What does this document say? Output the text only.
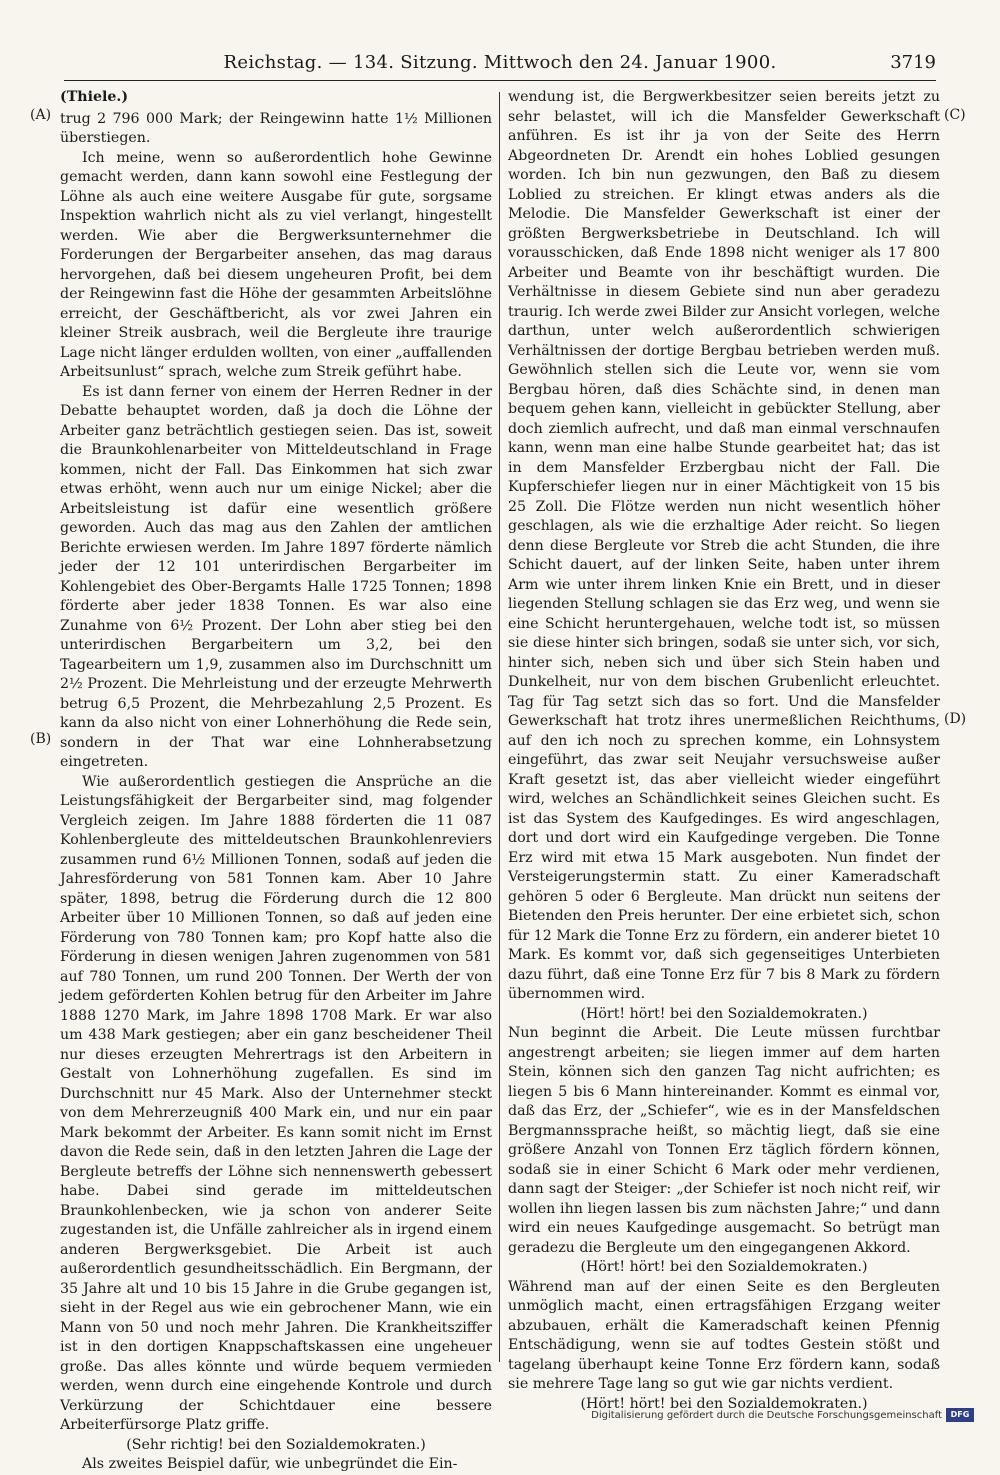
Reichstag. — 134. Sitzung. Mittwoch den 24. Januar 1900.	3719
(A)
(B)
(C)
(D)
(Thiele.)

trug 2 796 000 Mark; der Reingewinn hatte 1½ Millionen überstiegen.

Ich meine, wenn so außerordentlich hohe Gewinne gemacht werden, dann kann sowohl eine Festlegung der Löhne als auch eine weitere Ausgabe für gute, sorgsame Inspektion wahrlich nicht als zu viel verlangt, hingestellt werden. Wie aber die Bergwerksunternehmer die Forderungen der Bergarbeiter ansehen, das mag daraus hervorgehen, daß bei diesem ungeheuren Profit, bei dem der Reingewinn fast die Höhe der gesammten Arbeitslöhne erreicht, der Geschäftbericht, als vor zwei Jahren ein kleiner Streik ausbrach, weil die Bergleute ihre traurige Lage nicht länger erdulden wollten, von einer „auffallenden Arbeitsunlust“ sprach, welche zum Streik geführt habe.

Es ist dann ferner von einem der Herren Redner in der Debatte behauptet worden, daß ja doch die Löhne der Arbeiter ganz beträchtlich gestiegen seien. Das ist, soweit die Braunkohlenarbeiter von Mitteldeutschland in Frage kommen, nicht der Fall. Das Einkommen hat sich zwar etwas erhöht, wenn auch nur um einige Nickel; aber die Arbeitsleistung ist dafür eine wesentlich größere geworden. Auch das mag aus den Zahlen der amtlichen Berichte erwiesen werden. Im Jahre 1897 förderte nämlich jeder der 12 101 unterirdischen Bergarbeiter im Kohlengebiet des Ober-Bergamts Halle 1725 Tonnen; 1898 förderte aber jeder 1838 Tonnen. Es war also eine Zunahme von 6½ Prozent. Der Lohn aber stieg bei den unterirdischen Bergarbeitern um 3,2, bei den Tagearbeitern um 1,9, zusammen also im Durchschnitt um 2½ Prozent. Die Mehrleistung und der erzeugte Mehrwerth betrug 6,5 Prozent, die Mehrbezahlung 2,5 Prozent. Es kann da also nicht von einer Lohnerhöhung die Rede sein, sondern in der That war eine Lohnherabsetzung eingetreten.

Wie außerordentlich gestiegen die Ansprüche an die Leistungsfähigkeit der Bergarbeiter sind, mag folgender Vergleich zeigen. Im Jahre 1888 förderten die 11 087 Kohlenbergleute des mitteldeutschen Braunkohlenreviers zusammen rund 6½ Millionen Tonnen, sodaß auf jeden die Jahresförderung von 581 Tonnen kam. Aber 10 Jahre später, 1898, betrug die Förderung durch die 12 800 Arbeiter über 10 Millionen Tonnen, so daß auf jeden eine Förderung von 780 Tonnen kam; pro Kopf hatte also die Förderung in diesen wenigen Jahren zugenommen von 581 auf 780 Tonnen, um rund 200 Tonnen. Der Werth der von jedem geförderten Kohlen betrug für den Arbeiter im Jahre 1888 1270 Mark, im Jahre 1898 1708 Mark. Er war also um 438 Mark gestiegen; aber ein ganz bescheidener Theil nur dieses erzeugten Mehrertrags ist den Arbeitern in Gestalt von Lohnerhöhung zugefallen. Es sind im Durchschnitt nur 45 Mark. Also der Unternehmer steckt von dem Mehrerzeugniß 400 Mark ein, und nur ein paar Mark bekommt der Arbeiter. Es kann somit nicht im Ernst davon die Rede sein, daß in den letzten Jahren die Lage der Bergleute betreffs der Löhne sich nennenswerth gebessert habe. Dabei sind gerade im mitteldeutschen Braunkohlenbecken, wie ja schon von anderer Seite zugestanden ist, die Unfälle zahlreicher als in irgend einem anderen Bergwerksgebiet. Die Arbeit ist auch außerordentlich gesundheitsschädlich. Ein Bergmann, der 35 Jahre alt und 10 bis 15 Jahre in die Grube gegangen ist, sieht in der Regel aus wie ein gebrochener Mann, wie ein Mann von 50 und noch mehr Jahren. Die Krankheitsziffer ist in den dortigen Knappschaftskassen eine ungeheuer große. Das alles könnte und würde bequem vermieden werden, wenn durch eine eingehende Kontrole und durch Verkürzung der Schichtdauer eine bessere Arbeiterfürsorge Platz griffe.

(Sehr richtig! bei den Sozialdemokraten.)

Als zweites Beispiel dafür, wie unbegründet die Ein-

wendung ist, die Bergwerkbesitzer seien bereits jetzt zu sehr belastet, will ich die Mansfelder Gewerkschaft anführen. Es ist ihr ja von der Seite des Herrn Abgeordneten Dr. Arendt ein hohes Loblied gesungen worden. Ich bin nun gezwungen, den Baß zu diesem Loblied zu streichen. Er klingt etwas anders als die Melodie. Die Mansfelder Gewerkschaft ist einer der größten Bergwerksbetriebe in Deutschland. Ich will vorausschicken, daß Ende 1898 nicht weniger als 17 800 Arbeiter und Beamte von ihr beschäftigt wurden. Die Verhältnisse in diesem Gebiete sind nun aber geradezu traurig. Ich werde zwei Bilder zur Ansicht vorlegen, welche darthun, unter welch außerordentlich schwierigen Verhältnissen der dortige Bergbau betrieben werden muß. Gewöhnlich stellen sich die Leute vor, wenn sie vom Bergbau hören, daß dies Schächte sind, in denen man bequem gehen kann, vielleicht in gebückter Stellung, aber doch ziemlich aufrecht, und daß man einmal verschnaufen kann, wenn man eine halbe Stunde gearbeitet hat; das ist in dem Mansfelder Erzbergbau nicht der Fall. Die Kupferschiefer liegen nur in einer Mächtigkeit von 15 bis 25 Zoll. Die Flötze werden nun nicht wesentlich höher geschlagen, als wie die erzhaltige Ader reicht. So liegen denn diese Bergleute vor Streb die acht Stunden, die ihre Schicht dauert, auf der linken Seite, haben unter ihrem Arm wie unter ihrem linken Knie ein Brett, und in dieser liegenden Stellung schlagen sie das Erz weg, und wenn sie eine Schicht heruntergehauen, welche todt ist, so müssen sie diese hinter sich bringen, sodaß sie unter sich, vor sich, hinter sich, neben sich und über sich Stein haben und Dunkelheit, nur von dem bischen Grubenlicht erleuchtet. Tag für Tag setzt sich das so fort. Und die Mansfelder Gewerkschaft hat trotz ihres unermeßlichen Reichthums, auf den ich noch zu sprechen komme, ein Lohnsystem eingeführt, das zwar seit Neujahr versuchsweise außer Kraft gesetzt ist, das aber vielleicht wieder eingeführt wird, welches an Schändlichkeit seines Gleichen sucht. Es ist das System des Kaufgedinges. Es wird angeschlagen, dort und dort wird ein Kaufgedinge vergeben. Die Tonne Erz wird mit etwa 15 Mark ausgeboten. Nun findet der Versteigerungstermin statt. Zu einer Kameradschaft gehören 5 oder 6 Bergleute. Man drückt nun seitens der Bietenden den Preis herunter. Der eine erbietet sich, schon für 12 Mark die Tonne Erz zu fördern, ein anderer bietet 10 Mark. Es kommt vor, daß sich gegenseitiges Unterbieten dazu führt, daß eine Tonne Erz für 7 bis 8 Mark zu fördern übernommen wird.

(Hört! hört! bei den Sozialdemokraten.)

Nun beginnt die Arbeit. Die Leute müssen furchtbar angestrengt arbeiten; sie liegen immer auf dem harten Stein, können sich den ganzen Tag nicht aufrichten; es liegen 5 bis 6 Mann hintereinander. Kommt es einmal vor, daß das Erz, der „Schiefer“, wie es in der Mansfeldschen Bergmannssprache heißt, so mächtig liegt, daß sie eine größere Anzahl von Tonnen Erz täglich fördern können, sodaß sie in einer Schicht 6 Mark oder mehr verdienen, dann sagt der Steiger: „der Schiefer ist noch nicht reif, wir wollen ihn liegen lassen bis zum nächsten Jahre;“ und dann wird ein neues Kaufgedinge ausgemacht. So betrügt man geradezu die Bergleute um den eingegangenen Akkord.

(Hört! hört! bei den Sozialdemokraten.)

Während man auf der einen Seite es den Bergleuten unmöglich macht, einen ertragsfähigen Erzgang weiter abzubauen, erhält die Kameradschaft keinen Pfennig Entschädigung, wenn sie auf todtes Gestein stößt und tagelang überhaupt keine Tonne Erz fördern kann, sodaß sie mehrere Tage lang so gut wie gar nichts verdient.

(Hört! hört! bei den Sozialdemokraten.)

Digitalisierung gefördert durch die Deutsche Forschungsgemeinschaft	DFG
